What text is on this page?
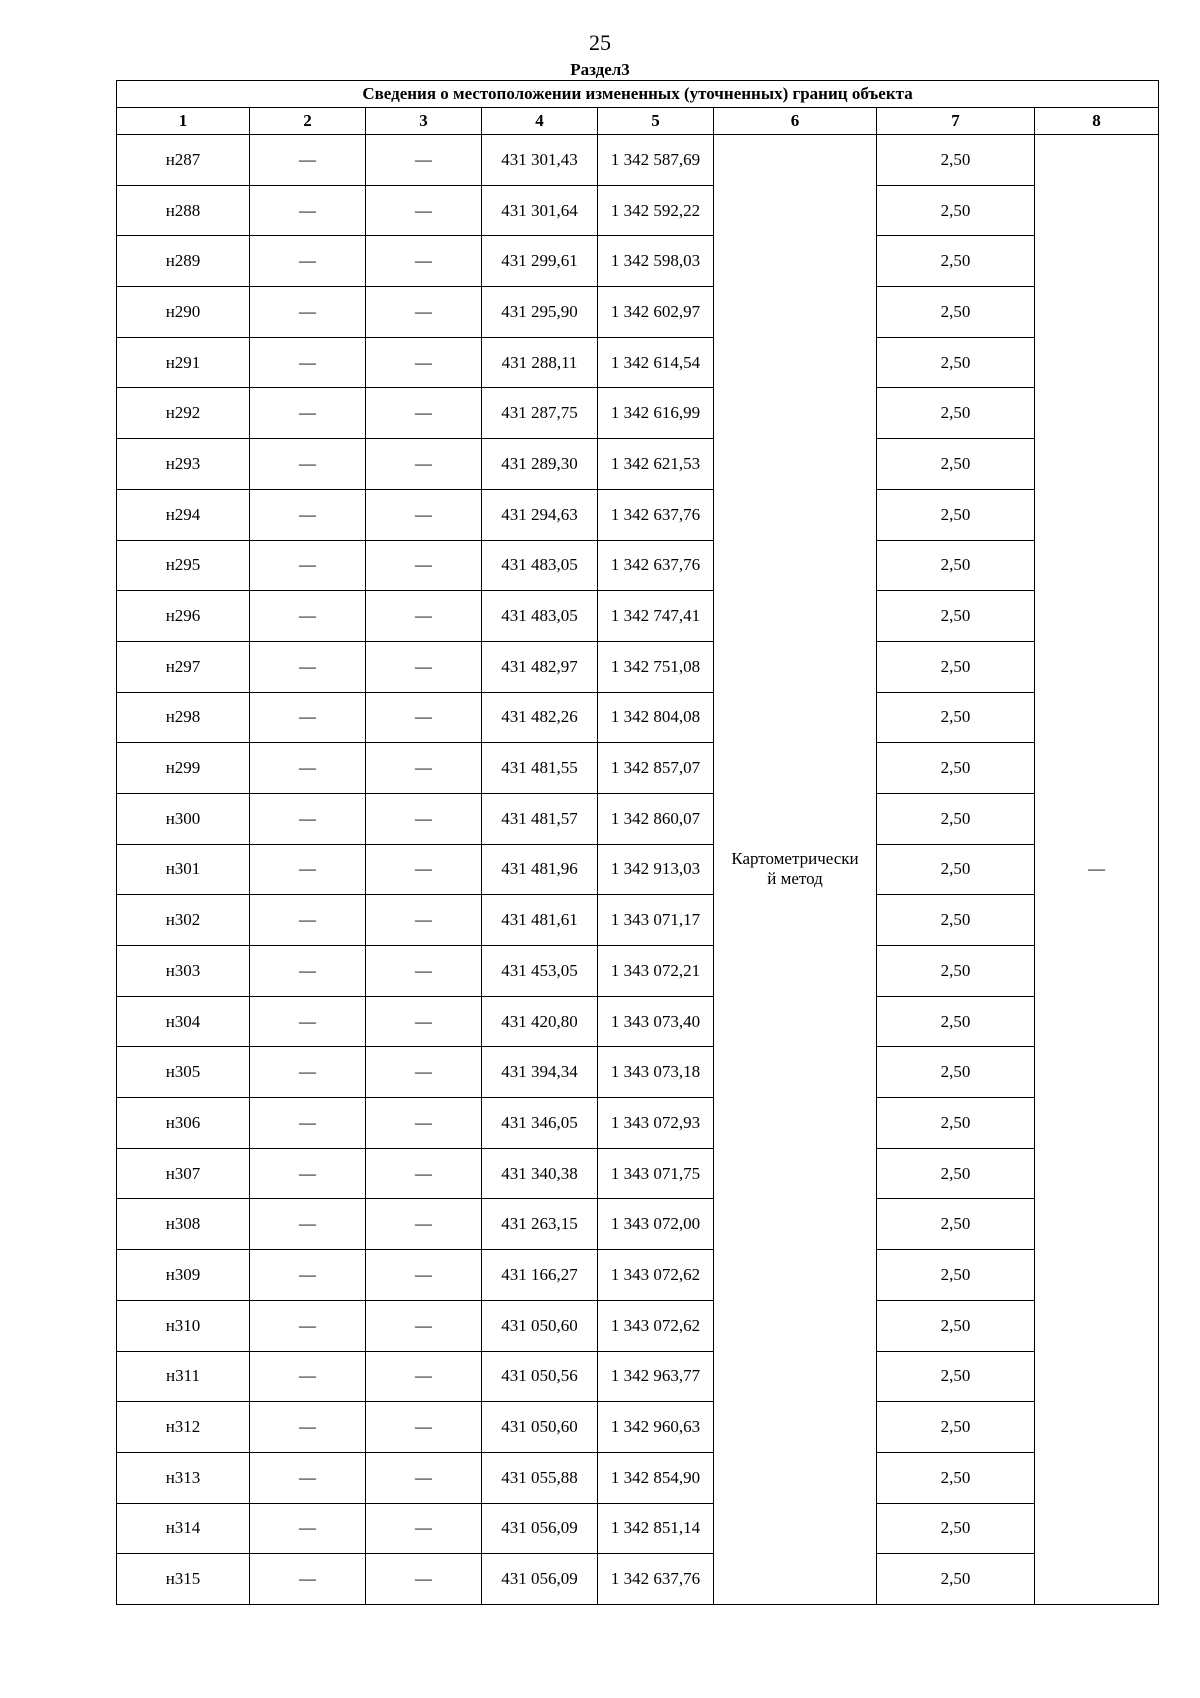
25
Раздел3
Сведения о местоположении измененных (уточненных) границ объекта							
1	2	3	4	5	6	7	8
н287	—	—	431 301,43	1 342 587,69	Картометрически
й метод	2,50	—
н288	—	—	431 301,64	1 342 592,22		2,50	
н289	—	—	431 299,61	1 342 598,03		2,50	
н290	—	—	431 295,90	1 342 602,97		2,50	
н291	—	—	431 288,11	1 342 614,54		2,50	
н292	—	—	431 287,75	1 342 616,99		2,50	
н293	—	—	431 289,30	1 342 621,53		2,50	
н294	—	—	431 294,63	1 342 637,76		2,50	
н295	—	—	431 483,05	1 342 637,76		2,50	
н296	—	—	431 483,05	1 342 747,41		2,50	
н297	—	—	431 482,97	1 342 751,08		2,50	
н298	—	—	431 482,26	1 342 804,08		2,50	
н299	—	—	431 481,55	1 342 857,07		2,50	
н300	—	—	431 481,57	1 342 860,07		2,50	
н301	—	—	431 481,96	1 342 913,03		2,50	
н302	—	—	431 481,61	1 343 071,17		2,50	
н303	—	—	431 453,05	1 343 072,21		2,50	
н304	—	—	431 420,80	1 343 073,40		2,50	
н305	—	—	431 394,34	1 343 073,18		2,50	
н306	—	—	431 346,05	1 343 072,93		2,50	
н307	—	—	431 340,38	1 343 071,75		2,50	
н308	—	—	431 263,15	1 343 072,00		2,50	
н309	—	—	431 166,27	1 343 072,62		2,50	
н310	—	—	431 050,60	1 343 072,62		2,50	
н311	—	—	431 050,56	1 342 963,77		2,50	
н312	—	—	431 050,60	1 342 960,63		2,50	
н313	—	—	431 055,88	1 342 854,90		2,50	
н314	—	—	431 056,09	1 342 851,14		2,50	
н315	—	—	431 056,09	1 342 637,76		2,50	
